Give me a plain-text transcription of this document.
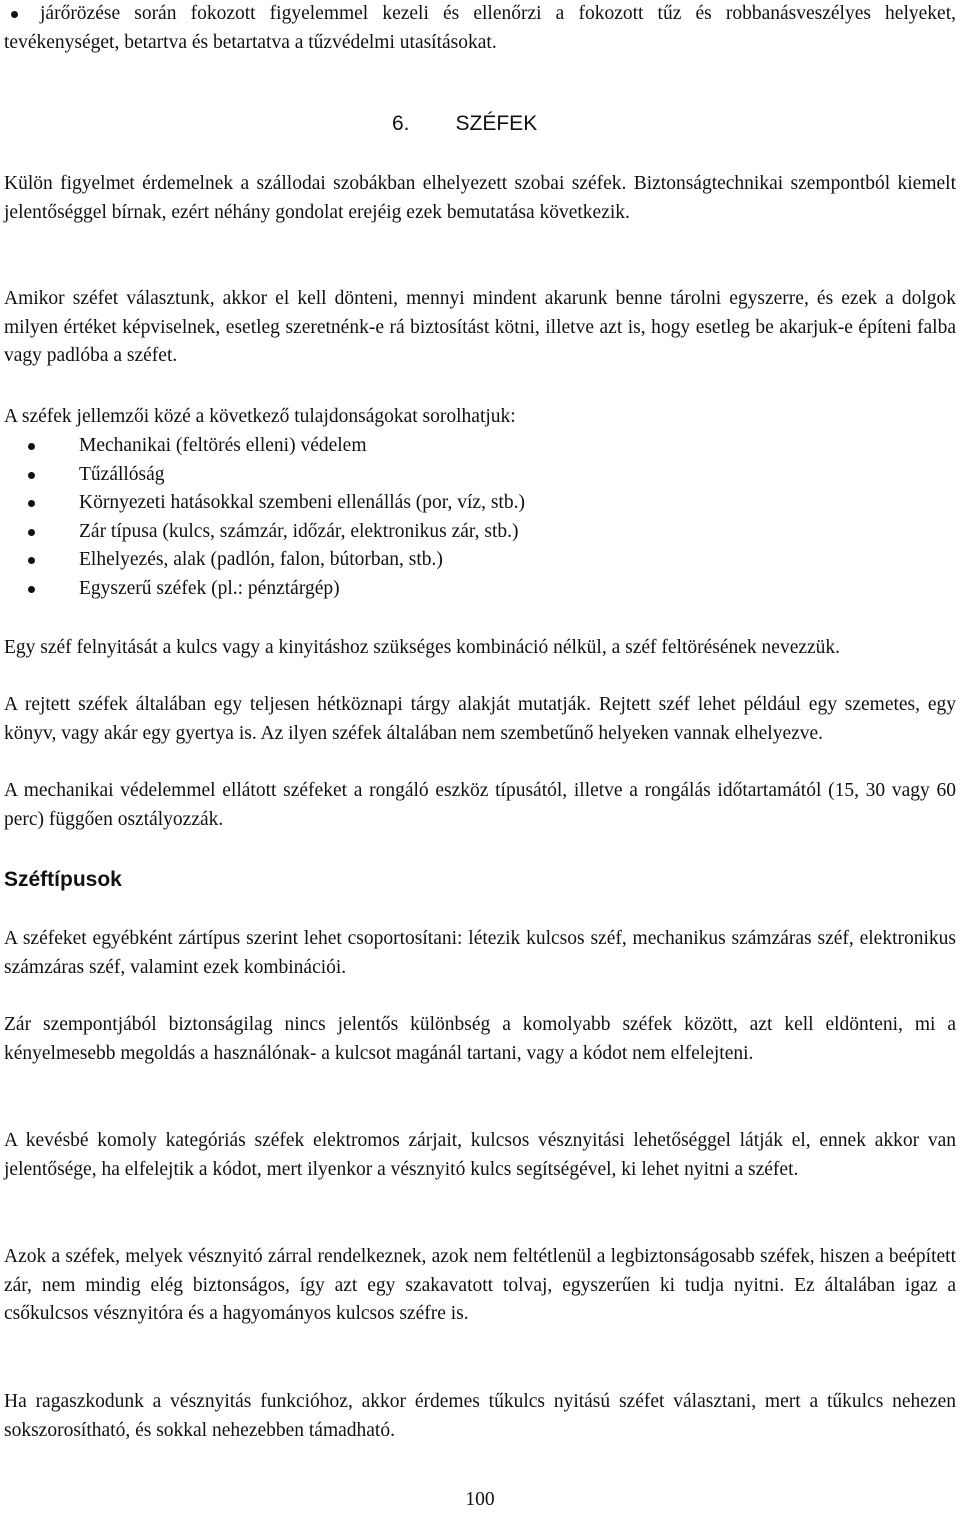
járőrözése során fokozott figyelemmel kezeli és ellenőrzi a fokozott tűz és robbanásveszélyes helyeket, tevékenységet, betartva és betartatva a tűzvédelmi utasításokat.
6. SZÉFEK

Külön figyelmet érdemelnek a szállodai szobákban elhelyezett szobai széfek. Biztonságtechnikai szempontból kiemelt jelentőséggel bírnak, ezért néhány gondolat erejéig ezek bemutatása következik.

Amikor széfet választunk, akkor el kell dönteni, mennyi mindent akarunk benne tárolni egyszerre, és ezek a dolgok milyen értéket képviselnek, esetleg szeretnénk-e rá biztosítást kötni, illetve azt is, hogy esetleg be akarjuk-e építeni falba vagy padlóba a széfet.

A széfek jellemzői közé a következő tulajdonságokat sorolhatjuk:

Mechanikai (feltörés elleni) védelem
Tűzállóság
Környezeti hatásokkal szembeni ellenállás (por, víz, stb.)
Zár típusa (kulcs, számzár, időzár, elektronikus zár, stb.)
Elhelyezés, alak (padlón, falon, bútorban, stb.)
Egyszerű széfek (pl.: pénztárgép)

Egy széf felnyitását a kulcs vagy a kinyitáshoz szükséges kombináció nélkül, a széf feltörésének nevezzük.

A rejtett széfek általában egy teljesen hétköznapi tárgy alakját mutatják. Rejtett széf lehet például egy szemetes, egy könyv, vagy akár egy gyertya is. Az ilyen széfek általában nem szembetűnő helyeken vannak elhelyezve.

A mechanikai védelemmel ellátott széfeket a rongáló eszköz típusától, illetve a rongálás időtartamától (15, 30 vagy 60 perc) függően osztályozzák.

Széftípusok

A széfeket egyébként zártípus szerint lehet csoportosítani: létezik kulcsos széf, mechanikus számzáras széf, elektronikus számzáras széf, valamint ezek kombinációi.

Zár szempontjából biztonságilag nincs jelentős különbség a komolyabb széfek között, azt kell eldönteni, mi a kényelmesebb megoldás a használónak- a kulcsot magánál tartani, vagy a kódot nem elfelejteni.

A kevésbé komoly kategóriás széfek elektromos zárjait, kulcsos vésznyitási lehetőséggel látják el, ennek akkor van jelentősége, ha elfelejtik a kódot, mert ilyenkor a vésznyitó kulcs segítségével, ki lehet nyitni a széfet.

Azok a széfek, melyek vésznyitó zárral rendelkeznek, azok nem feltétlenül a legbiztonságosabb széfek, hiszen a beépített zár, nem mindig elég biztonságos, így azt egy szakavatott tolvaj, egyszerűen ki tudja nyitni. Ez általában igaz a csőkulcsos vésznyitóra és a hagyományos kulcsos széfre is.

Ha ragaszkodunk a vésznyitás funkcióhoz, akkor érdemes tűkulcs nyitású széfet választani, mert a tűkulcs nehezen sokszorosítható, és sokkal nehezebben támadható.

100
